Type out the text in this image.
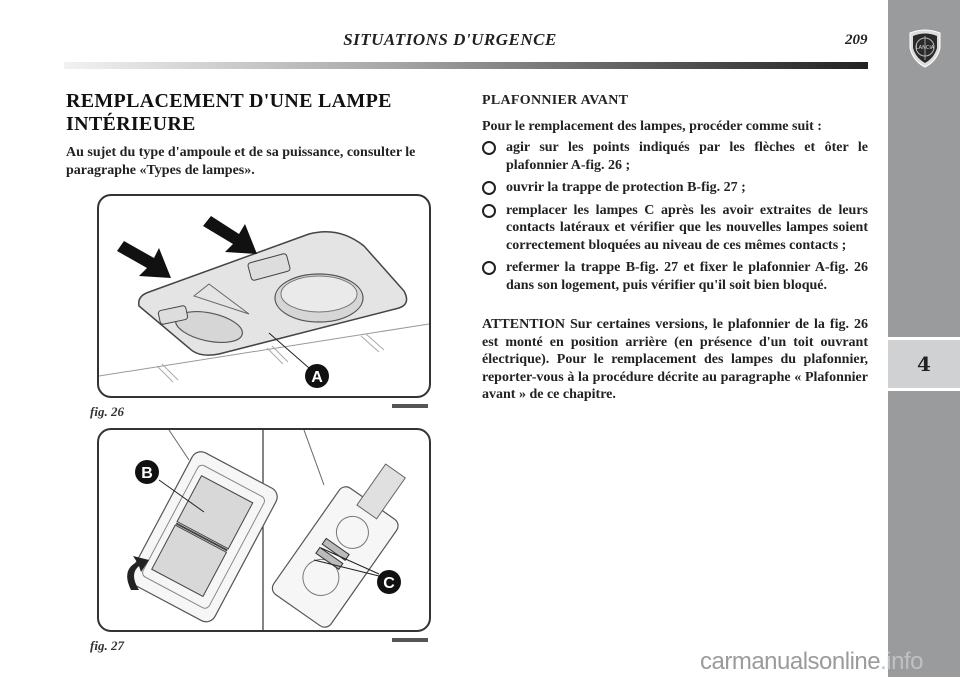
LANCIA
4
SITUATIONS D'URGENCE	209
REMPLACEMENT D'UNE LAMPE
INTÉRIEURE

Au sujet du type d'ampoule et de sa puissance, consulter le paragraphe «Types de lampes».

A
fig. 26
B
C
fig. 27

PLAFONNIER AVANT

Pour le remplacement des lampes, procéder comme suit :

agir sur les points indiqués par les flèches et ôter le plafonnier A-fig. 26 ;
ouvrir la trappe de protection B-fig. 27 ;
remplacer les lampes C après les avoir extraites de leurs contacts latéraux et vérifier que les nouvelles lampes soient correctement bloquées au niveau de ces mêmes contacts ;
refermer la trappe B-fig. 27 et fixer le plafonnier A-fig. 26 dans son logement, puis vérifier qu'il soit bien bloqué.

ATTENTION Sur certaines versions, le plafonnier de la fig. 26 est monté en position arrière (en présence d'un toit ouvrant électrique). Pour le remplacement des lampes du plafonnier, reporter-vous à la procédure décrite au paragraphe « Plafonnier avant » de ce chapitre.

carmanualsonline.info
